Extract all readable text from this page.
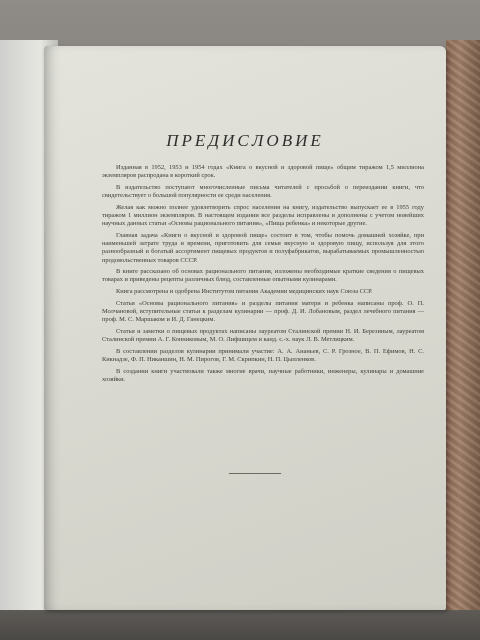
ПРЕДИСЛОВИЕ

Изданная в 1952, 1953 и 1954 годах «Книга о вкусной и здоровой пище» общим тиражом 1,5 миллиона экземпляров распродана в короткий срок.

В издательство поступают многочисленные письма читателей с просьбой о переиздании книги, что свидетельствует о большой популярности ее среди населения.

Желая как можно полнее удовлетворить спрос населения на книгу, издательство выпускает ее в 1955 году тиражом 1 миллион экземпляров. В настоящем издании все разделы исправлены и дополнены с учетом новейших научных данных статьи «Основы рационального питания», «Пища ребенка» и некоторые другие.

Главная задача «Книги о вкусной и здоровой пище» состоит в том, чтобы помочь домашней хозяйке, при наименьшей затрате труда и времени, приготовить для семьи вкусную и здоровую пищу, используя для этого разнообразный и богатый ассортимент пищевых продуктов и полуфабрикатов, вырабатываемых промышленностью продовольственных товаров СССР.

В книге рассказано об основах рационального питания, изложены необходимые краткие сведения о пищевых товарах и приведены рецепты различных блюд, составленные опытными кулинарами.

Книга рассмотрена и одобрена Институтом питания Академии медицинских наук Союза ССР.

Статьи «Основы рационального питания» и разделы питания матери и ребенка написаны проф. О. П. Молчановой, вступительные статьи к разделам кулинарии — проф. Д. И. Лобановым, раздел лечебного питания — проф. М. С. Маршаком и И. Д. Ганецким.

Статьи и заметки о пищевых продуктах написаны лауреатом Сталинской премии Н. И. Березиным, лауреатом Сталинской премии А. Г. Конниковым, М. О. Лифшицем и канд. с.-х. наук Л. В. Метлицким.

В составлении разделов кулинарии принимали участие: А. А. Ананьев, С. Р. Грозное, В. П. Ефимов, Н. С. Кикнадзе, Ф. П. Никаншин, Н. М. Пирогов, Г. М. Скрипкин, Н. П. Цыпленков.

В создании книги участвовали также многие врачи, научные работники, инженеры, кулинары и домашние хозяйки.
